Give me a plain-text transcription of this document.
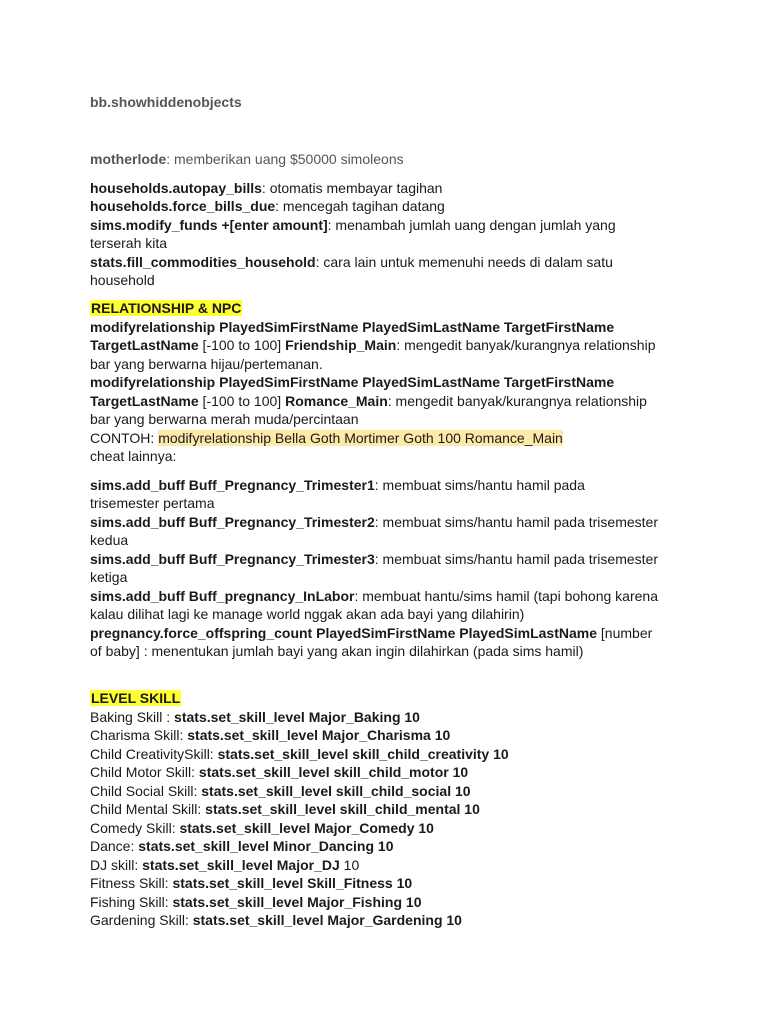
bb.showhiddenobjects
motherlode: memberikan uang $50000 simoleons
households.autopay_bills: otomatis membayar tagihan
households.force_bills_due: mencegah tagihan datang
sims.modify_funds +[enter amount]: menambah jumlah uang dengan jumlah yang
terserah kita
stats.fill_commodities_household: cara lain untuk memenuhi needs di dalam satu
household
RELATIONSHIP & NPC
modifyrelationship PlayedSimFirstName PlayedSimLastName TargetFirstName
TargetLastName [-100 to 100] Friendship_Main: mengedit banyak/kurangnya relationship
bar yang berwarna hijau/pertemanan.
modifyrelationship PlayedSimFirstName PlayedSimLastName TargetFirstName
TargetLastName [-100 to 100] Romance_Main: mengedit banyak/kurangnya relationship
bar yang berwarna merah muda/percintaan
CONTOH: modifyrelationship Bella Goth Mortimer Goth 100 Romance_Main
cheat lainnya:
sims.add_buff Buff_Pregnancy_Trimester1: membuat sims/hantu hamil pada
trisemester pertama
sims.add_buff Buff_Pregnancy_Trimester2: membuat sims/hantu hamil pada trisemester
kedua
sims.add_buff Buff_Pregnancy_Trimester3: membuat sims/hantu hamil pada trisemester
ketiga
sims.add_buff Buff_pregnancy_InLabor: membuat hantu/sims hamil (tapi bohong karena
kalau dilihat lagi ke manage world nggak akan ada bayi yang dilahirin)
pregnancy.force_offspring_count PlayedSimFirstName PlayedSimLastName [number
of baby] : menentukan jumlah bayi yang akan ingin dilahirkan (pada sims hamil)
LEVEL SKILL
Baking Skill : stats.set_skill_level Major_Baking 10
Charisma Skill: stats.set_skill_level Major_Charisma 10
Child CreativitySkill: stats.set_skill_level skill_child_creativity 10
Child Motor Skill: stats.set_skill_level skill_child_motor 10
Child Social Skill: stats.set_skill_level skill_child_social 10
Child Mental Skill: stats.set_skill_level skill_child_mental 10
Comedy Skill: stats.set_skill_level Major_Comedy 10
Dance: stats.set_skill_level Minor_Dancing 10
DJ skill: stats.set_skill_level Major_DJ 10
Fitness Skill: stats.set_skill_level Skill_Fitness 10
Fishing Skill: stats.set_skill_level Major_Fishing 10
Gardening Skill: stats.set_skill_level Major_Gardening 10
